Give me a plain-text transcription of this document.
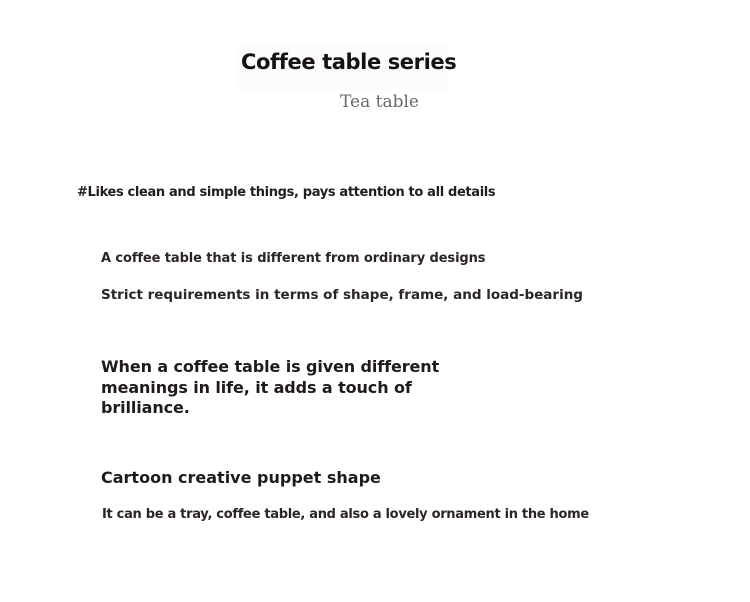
Coffee table series
Tea table
#Likes clean and simple things, pays attention to all details
A coffee table that is different from ordinary designs
Strict requirements in terms of shape, frame, and load-bearing

When a coffee table is given different meanings in life, it adds a touch of brilliance.

Cartoon creative puppet shape
It can be a tray, coffee table, and also a lovely ornament in the home
